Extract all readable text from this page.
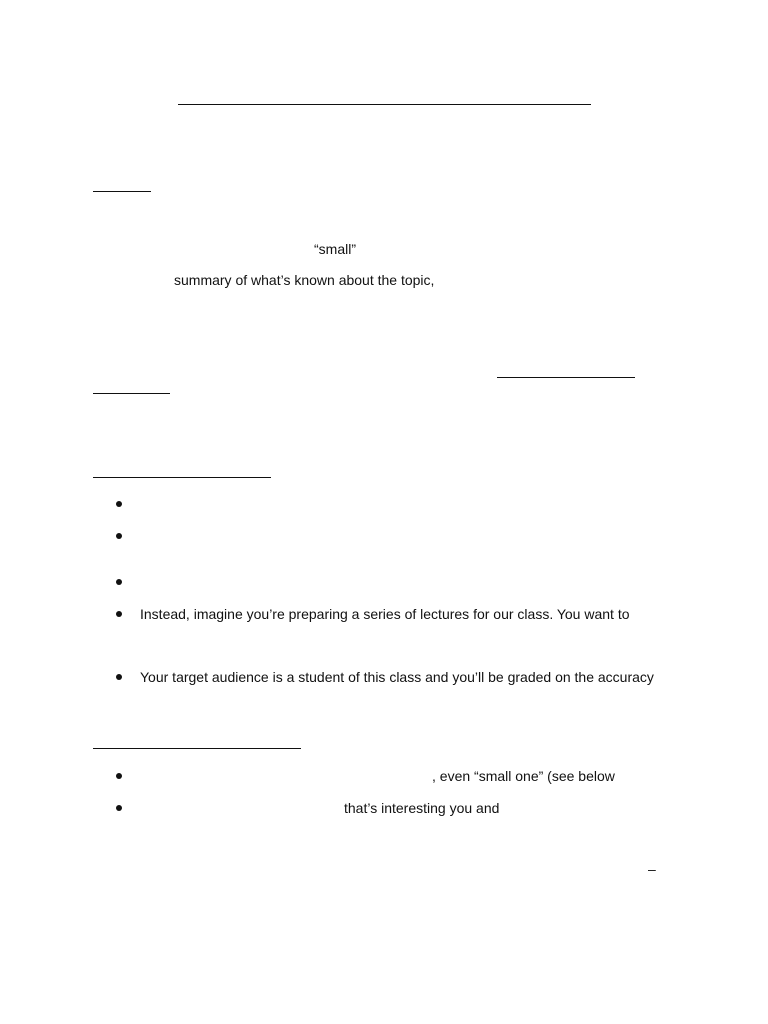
“small”
summary of what’s known about the topic,
Instead, imagine you’re preparing a series of lectures for our class. You want to
Your target audience is a student of this class and you’ll be graded on the accuracy
, even “small one” (see below
that’s interesting you and
–
